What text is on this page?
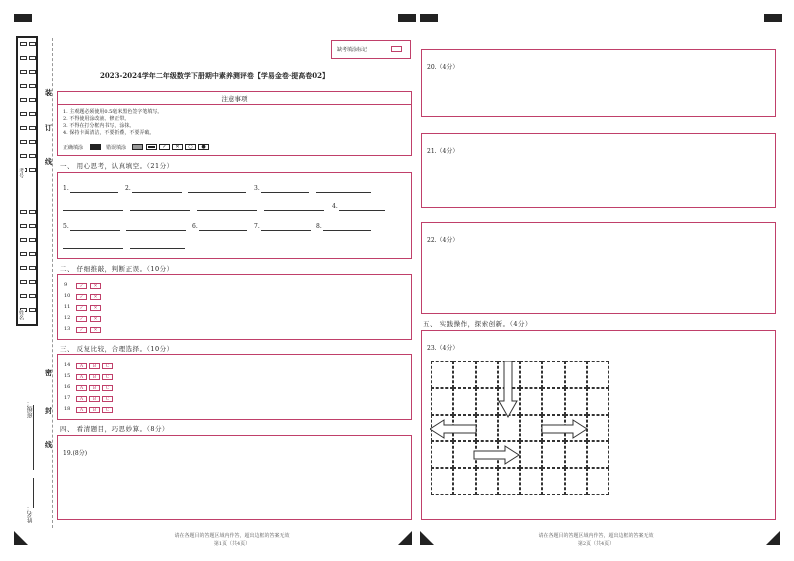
考号
姓名
班级：
姓名：
装
订
线
密
封
线
缺考填涂标记
2023-2024学年二年级数学下册期中素养测评卷【学易金卷·提高卷02】
注意事项
1. 主观题必须使用0.5毫米黑色签字笔填写。
2. 不得使用涂改液、修正带。
3. 不得在打分框内书写，涂抹。
4. 保持卡面清洁，不要折叠，不要弄破。
正确填涂	错误填涂	✓	✕	○	●
一、 用心思考，认真填空。（21分）
1.	2.	3.
4.
5.	6.	7.	8.
二、 仔细推敲，判断正误。（10分）
9	✓	✕
10	✓	✕
11	✓	✕
12	✓	✕
13	✓	✕
三、 反复比较，合理选择。（10分）
14	A	B	C
15	A	B	C
16	A	B	C
17	A	B	C
18	A	B	C
四、 看清题目，巧思妙算。（8分）
19.(8分)
请在各题目的答题区域内作答，超出边框的答案无效
第1页（共4页）
20.（4分）
21.（4分）
22.（4分）
五、 实践操作，探索创新。（4分）
23.（4分）
请在各题目的答题区域内作答，超出边框的答案无效
第2页（共4页）
